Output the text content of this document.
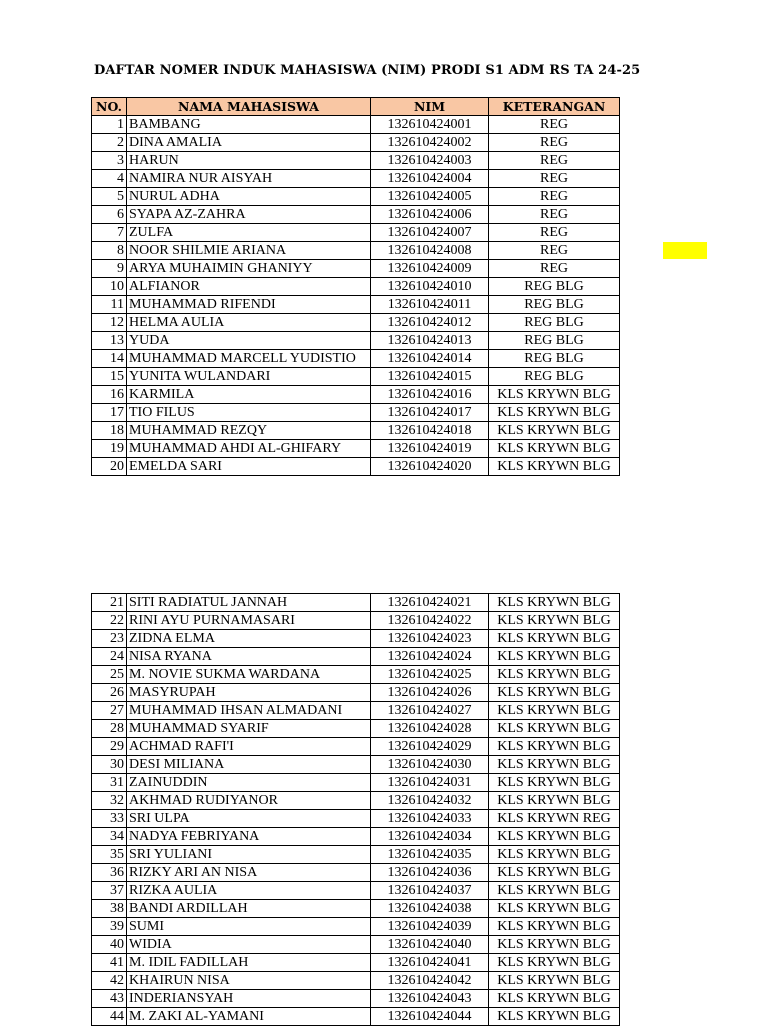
DAFTAR NOMER INDUK MAHASISWA (NIM) PRODI S1 ADM RS TA 24-25
NO.	NAMA MAHASISWA	NIM	KETERANGAN
1	BAMBANG	132610424001	REG
2	DINA AMALIA	132610424002	REG
3	HARUN	132610424003	REG
4	NAMIRA NUR AISYAH	132610424004	REG
5	NURUL ADHA	132610424005	REG
6	SYAPA AZ-ZAHRA	132610424006	REG
7	ZULFA	132610424007	REG
8	NOOR SHILMIE ARIANA	132610424008	REG
9	ARYA MUHAIMIN GHANIYY	132610424009	REG
10	ALFIANOR	132610424010	REG BLG
11	MUHAMMAD RIFENDI	132610424011	REG BLG
12	HELMA AULIA	132610424012	REG BLG
13	YUDA	132610424013	REG BLG
14	MUHAMMAD MARCELL YUDISTIO	132610424014	REG BLG
15	YUNITA WULANDARI	132610424015	REG BLG
16	KARMILA	132610424016	KLS KRYWN BLG
17	TIO FILUS	132610424017	KLS KRYWN BLG
18	MUHAMMAD REZQY	132610424018	KLS KRYWN BLG
19	MUHAMMAD AHDI AL-GHIFARY	132610424019	KLS KRYWN BLG
20	EMELDA SARI	132610424020	KLS KRYWN BLG
21	SITI RADIATUL JANNAH	132610424021	KLS KRYWN BLG
22	RINI AYU PURNAMASARI	132610424022	KLS KRYWN BLG
23	ZIDNA ELMA	132610424023	KLS KRYWN BLG
24	NISA RYANA	132610424024	KLS KRYWN BLG
25	M. NOVIE SUKMA WARDANA	132610424025	KLS KRYWN BLG
26	MASYRUPAH	132610424026	KLS KRYWN BLG
27	MUHAMMAD IHSAN ALMADANI	132610424027	KLS KRYWN BLG
28	MUHAMMAD SYARIF	132610424028	KLS KRYWN BLG
29	ACHMAD RAFI'I	132610424029	KLS KRYWN BLG
30	DESI MILIANA	132610424030	KLS KRYWN BLG
31	ZAINUDDIN	132610424031	KLS KRYWN BLG
32	AKHMAD RUDIYANOR	132610424032	KLS KRYWN BLG
33	SRI ULPA	132610424033	KLS KRYWN REG
34	NADYA FEBRIYANA	132610424034	KLS KRYWN BLG
35	SRI YULIANI	132610424035	KLS KRYWN BLG
36	RIZKY ARI AN NISA	132610424036	KLS KRYWN BLG
37	RIZKA AULIA	132610424037	KLS KRYWN BLG
38	BANDI ARDILLAH	132610424038	KLS KRYWN BLG
39	SUMI	132610424039	KLS KRYWN BLG
40	WIDIA	132610424040	KLS KRYWN BLG
41	M. IDIL FADILLAH	132610424041	KLS KRYWN BLG
42	KHAIRUN NISA	132610424042	KLS KRYWN BLG
43	INDERIANSYAH	132610424043	KLS KRYWN BLG
44	M. ZAKI AL-YAMANI	132610424044	KLS KRYWN BLG
